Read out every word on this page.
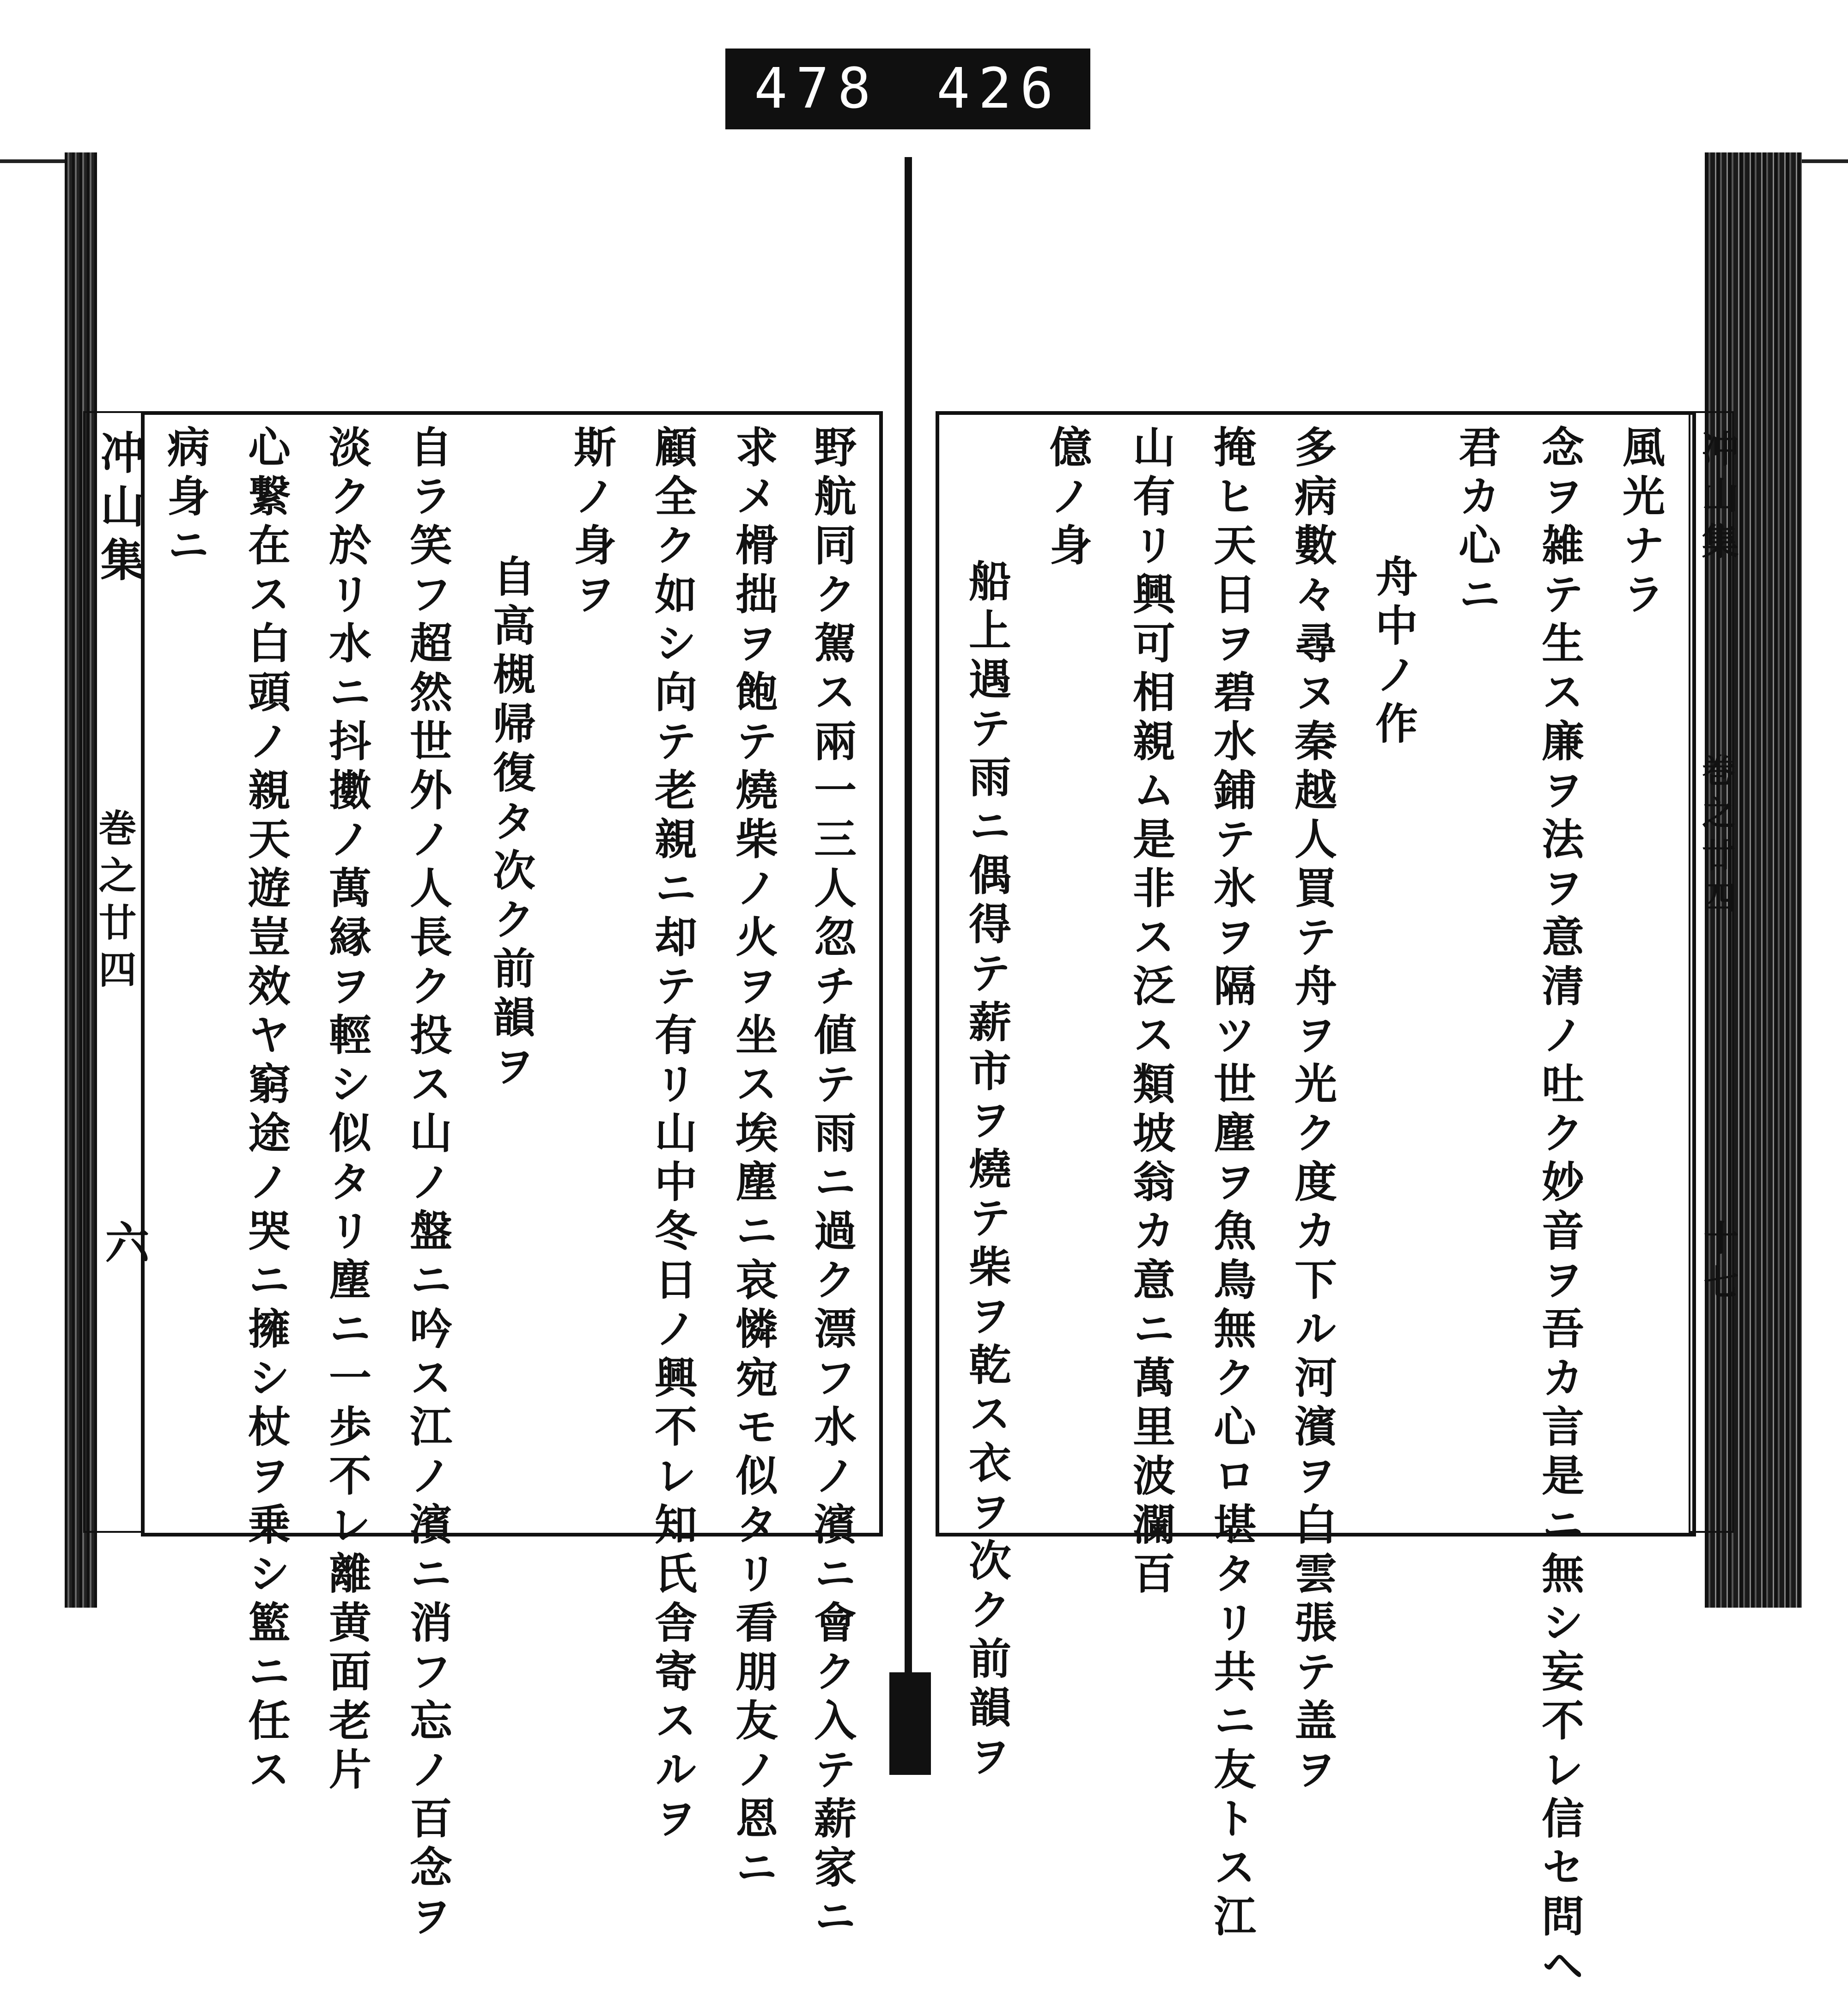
478 426
冲山集
巻之廿四
六
冲山集
巻之廿四
十七
野航同ク駕ス兩一三人忽チ値テ雨ニ過ク漂フ水ノ濱ニ會ク入テ薪家ニ
求メ榾拙ヲ飽テ燒柴ノ火ヲ坐ス埃塵ニ哀憐宛モ似タリ看朋友ノ恩ニ
顧全ク如シ向テ老親ニ却テ有リ山中冬日ノ興不レ知氏舎寄スルヲ
斯ノ身ヲ
自高槻帰復タ次ク前韻ヲ
自ラ笑フ超然世外ノ人長ク投ス山ノ盤ニ吟ス江ノ濱ニ消フ忘ノ百念ヲ
淡ク於リ水ニ抖擻ノ萬縁ヲ輕シ似タリ塵ニ一歩不レ離黄面老片
心繋在ス白頭ノ親天遊豈效ヤ窮途ノ哭ニ擁シ杖ヲ乗シ籃ニ任ス
病身ニ	風光ナラ
念ヲ雑テ生ス廉ヲ法ヲ意清ノ吐ク妙音ヲ吾カ言是ニ無シ妄不レ信セ問ヘ
君カ心ニ
舟中ノ作
多病數々尋ヌ秦越人買テ舟ヲ光ク度カ下ル河濱ヲ白雲張テ盖ヲ
掩ヒ天日ヲ碧水鋪テ氷ヲ隔ツ世塵ヲ魚鳥無ク心ロ堪タリ共ニ友トス江
山有リ興可相親ム是非ス泛ス類坡翁カ意ニ萬里波瀾百
億ノ身
船上遇テ雨ニ偶得テ薪市ヲ燒テ柴ヲ乾ス衣ヲ次ク前韻ヲ
